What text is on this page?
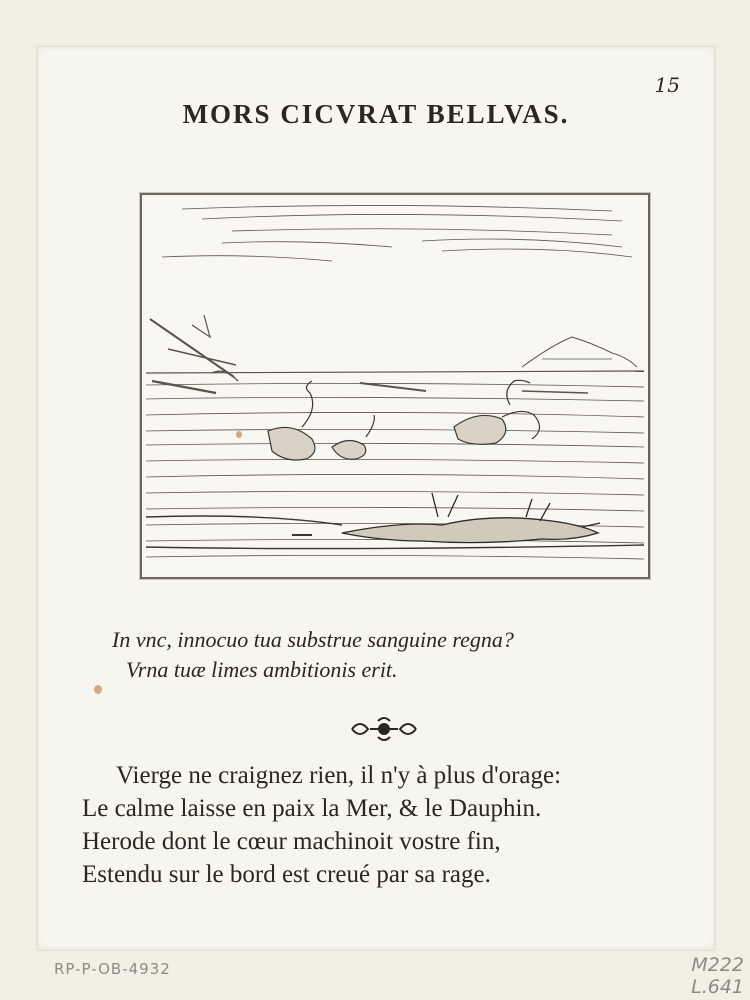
15
MORS CICVRAT BELLVAS.
In vnc, innocuo tua substrue sanguine regna?
Vrna tuæ limes ambitionis erit.
Vierge ne craignez rien, il n'y à plus d'orage:
Le calme laisse en paix la Mer, & le Dauphin.
Herode dont le cœur machinoit vostre fin,
Estendu sur le bord est creué par sa rage.
RP-P-OB-4932	M222
L.641
